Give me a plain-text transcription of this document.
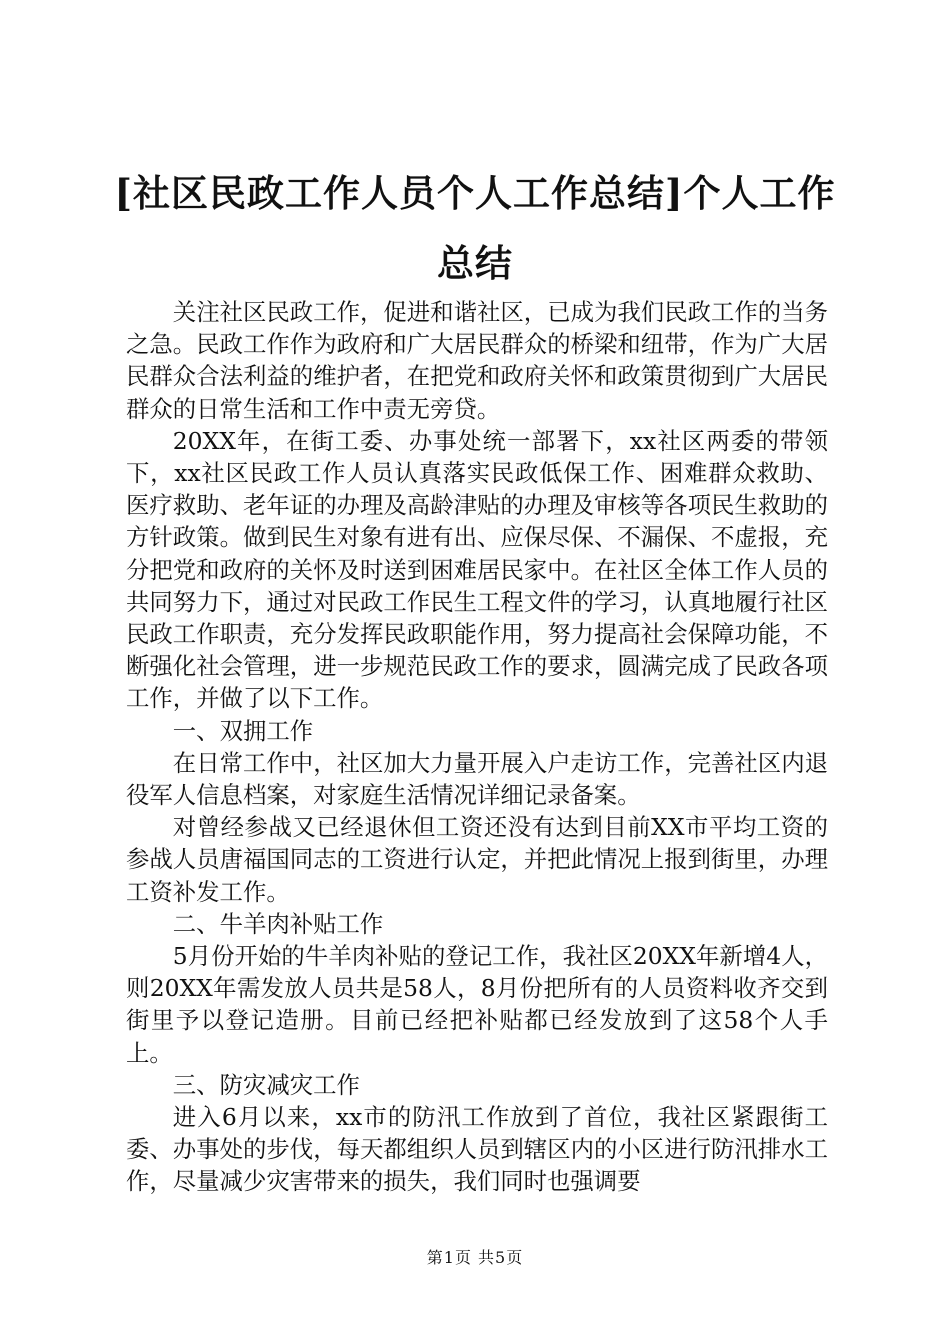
[社区民政工作人员个人工作总结]个人工作总结

关注社区民政工作，促进和谐社区，已成为我们民政工作的当务之急。民政工作作为政府和广大居民群众的桥梁和纽带，作为广大居民群众合法利益的维护者，在把党和政府关怀和政策贯彻到广大居民群众的日常生活和工作中责无旁贷。

20XX年，在街工委、办事处统一部署下，xx社区两委的带领下，xx社区民政工作人员认真落实民政低保工作、困难群众救助、医疗救助、老年证的办理及高龄津贴的办理及审核等各项民生救助的方针政策。做到民生对象有进有出、应保尽保、不漏保、不虚报，充分把党和政府的关怀及时送到困难居民家中。在社区全体工作人员的共同努力下，通过对民政工作民生工程文件的学习，认真地履行社区民政工作职责，充分发挥民政职能作用，努力提高社会保障功能，不断强化社会管理，进一步规范民政工作的要求，圆满完成了民政各项工作，并做了以下工作。

一、双拥工作

在日常工作中，社区加大力量开展入户走访工作，完善社区内退役军人信息档案，对家庭生活情况详细记录备案。

对曾经参战又已经退休但工资还没有达到目前XX市平均工资的参战人员唐福国同志的工资进行认定，并把此情况上报到街里，办理工资补发工作。

二、牛羊肉补贴工作

5月份开始的牛羊肉补贴的登记工作，我社区20XX年新增4人，则20XX年需发放人员共是58人，8月份把所有的人员资料收齐交到街里予以登记造册。目前已经把补贴都已经发放到了这58个人手上。

三、防灾减灾工作

进入6月以来，xx市的防汛工作放到了首位，我社区紧跟街工委、办事处的步伐，每天都组织人员到辖区内的小区进行防汛排水工作，尽量减少灾害带来的损失，我们同时也强调要

第1页 共5页
